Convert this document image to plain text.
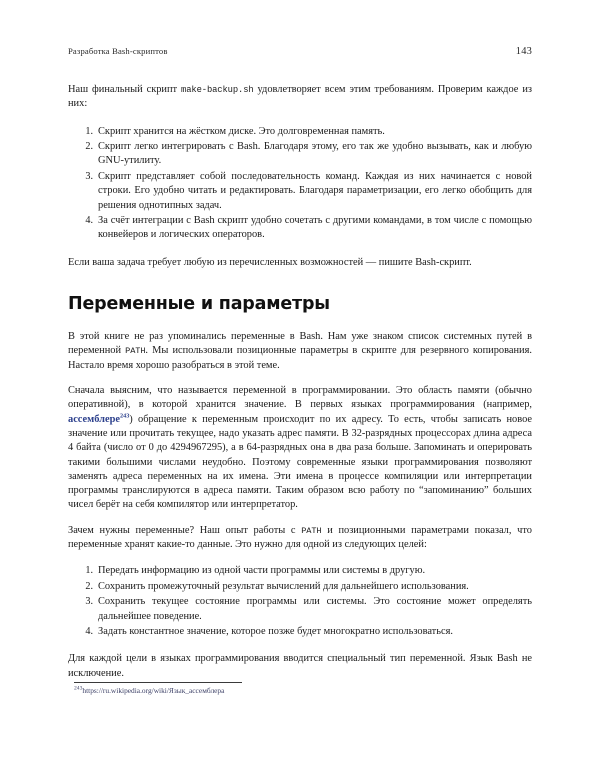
Разработка Bash-скриптов	143

Наш финальный скрипт make-backup.sh удовлетворяет всем этим требованиям. Проверим каждое из них:

Скрипт хранится на жёстком диске. Это долговременная память.
Скрипт легко интегрировать с Bash. Благодаря этому, его так же удобно вызывать, как и любую GNU-утилиту.
Скрипт представляет собой последовательность команд. Каждая из них начинается с новой строки. Его удобно читать и редактировать. Благодаря параметризации, его легко обобщить для решения однотипных задач.
За счёт интеграции с Bash скрипт удобно сочетать с другими командами, в том числе с помощью конвейеров и логических операторов.

Если ваша задача требует любую из перечисленных возможностей — пишите Bash-скрипт.

Переменные и параметры

В этой книге не раз упоминались переменные в Bash. Нам уже знаком список системных путей в переменной PATH. Мы использовали позиционные параметры в скрипте для резервного копирования. Настало время хорошо разобраться в этой теме.

Сначала выясним, что называется переменной в программировании. Это область памяти (обычно оперативной), в которой хранится значение. В первых языках программирования (например, ассемблере$^{243}$) обращение к переменным происходит по их адресу. То есть, чтобы записать новое значение или прочитать текущее, надо указать адрес памяти. В 32-разрядных процессорах длина адреса 4 байта (число от 0 до 4294967295), а в 64-разрядных она в два раза больше. Запоминать и оперировать такими большими числами неудобно. Поэтому современные языки программирования позволяют заменять адреса переменных на их имена. Эти имена в процессе компиляции или интерпретации программы транслируются в адреса памяти. Таким образом всю работу по “запоминанию” больших чисел берёт на себя компилятор или интерпретатор.

Зачем нужны переменные? Наш опыт работы с PATH и позиционными параметрами показал, что переменные хранят какие-то данные. Это нужно для одной из следующих целей:

Передать информацию из одной части программы или системы в другую.
Сохранить промежуточный результат вычислений для дальнейшего использования.
Сохранить текущее состояние программы или системы. Это состояние может определять дальнейшее поведение.
Задать константное значение, которое позже будет многократно использоваться.

Для каждой цели в языках программирования вводится специальный тип переменной. Язык Bash не исключение.

$^{243}$https://ru.wikipedia.org/wiki/Язык_ассемблера
